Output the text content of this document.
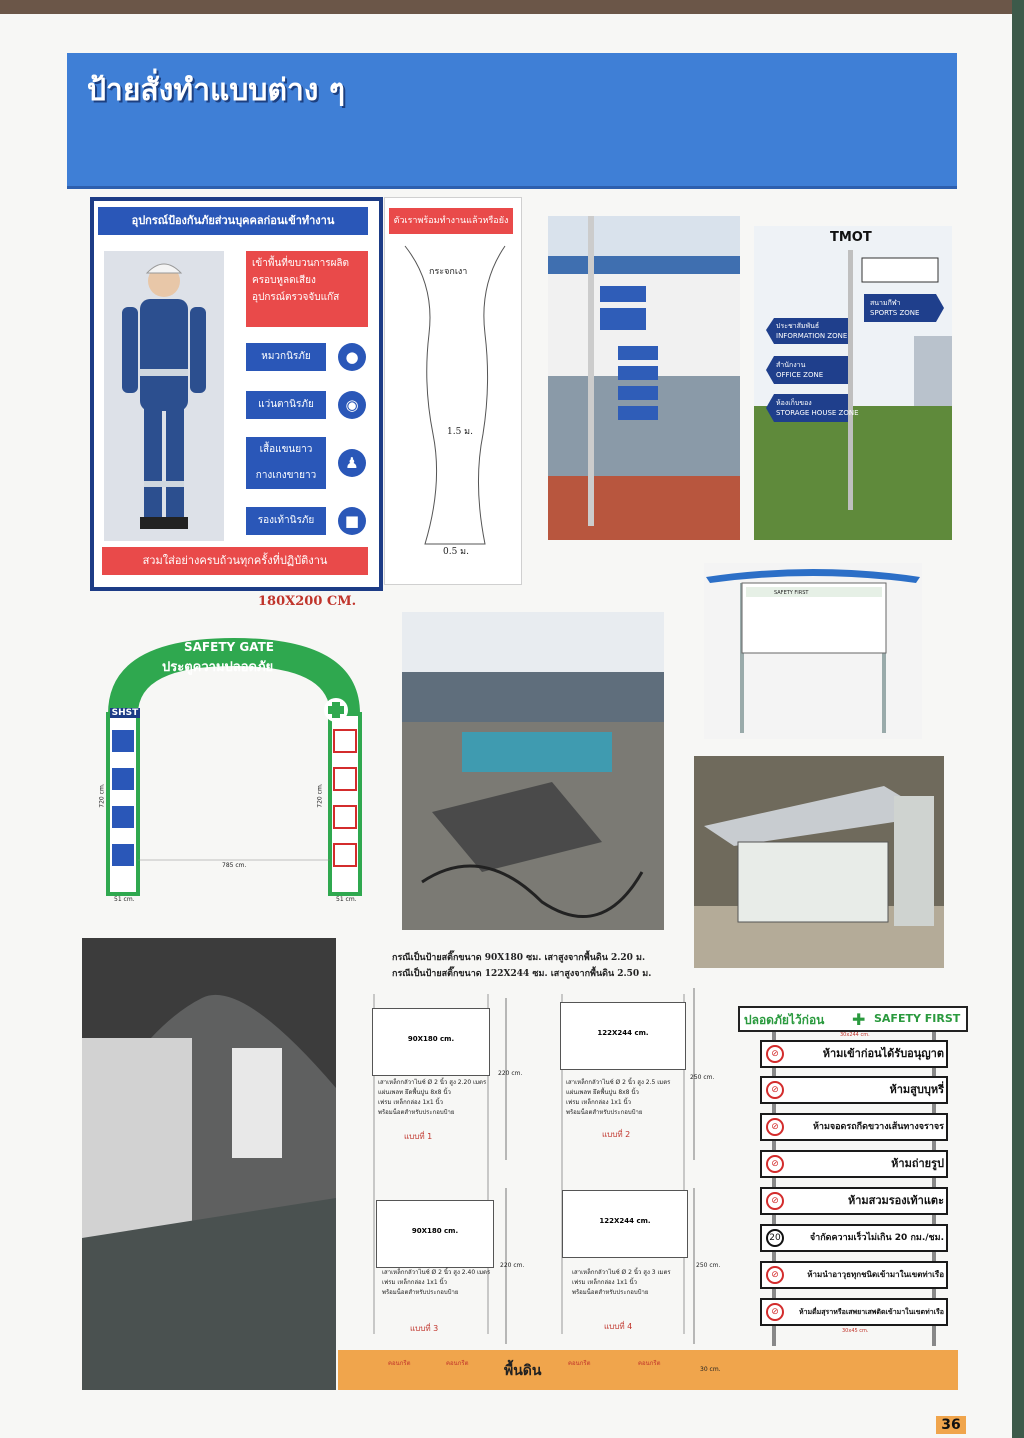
ป้ายสั่งทำแบบต่าง ๆ
อุปกรณ์ป้องกันภัยส่วนบุคคลก่อนเข้าทำงาน
เข้าพื้นที่ขบวนการผลิต
ครอบหูลดเสียง
อุปกรณ์ตรวจจับแก๊ส
หมวกนิรภัย	●
แว่นตานิรภัย	◉
เสื้อแขนยาว
กางเกงขายาว
♟
รองเท้านิรภัย	■
สวมใส่อย่างครบถ้วนทุกครั้งที่ปฏิบัติงาน
ตัวเราพร้อมทำงานแล้วหรือยัง
กระจกเงา
1.5 ม.
0.5 ม.
180X200 CM.
TMOT
สนามกีฬา
SPORTS ZONE
ประชาสัมพันธ์
INFORMATION ZONE
สำนักงาน
OFFICE ZONE
ห้องเก็บของ
STORAGE HOUSE ZONE
SAFETY GATE
ประตูความปลอดภัย
SHST
785 cm.
51 cm.	51 cm.
720 cm.	720 cm.
SAFETY FIRST
กรณีเป็นป้ายสติ๊กขนาด 90X180 ซม. เสาสูงจากพื้นดิน 2.20 ม.
กรณีเป็นป้ายสติ๊กขนาด 122X244 ซม. เสาสูงจากพื้นดิน 2.50 ม.
90X180 cm.
122X244 cm.
90X180 cm.
122X244 cm.
220 cm.
250 cm.
220 cm.	250 cm.
เสาเหล็กกลัวาไนซ์ Ø 2 นิ้ว สูง 2.20 เมตร
แผ่นเพลท ยึดพื้นปูน 8x8 นิ้ว
เฟรม เหล็กกล่อง 1x1 นิ้ว
พร้อมน็อตสำหรับประกอบป้าย
เสาเหล็กกลัวาไนซ์ Ø 2 นิ้ว สูง 2.5 เมตร
แผ่นเพลท ยึดพื้นปูน 8x8 นิ้ว
เฟรม เหล็กกล่อง 1x1 นิ้ว
พร้อมน็อตสำหรับประกอบป้าย
เสาเหล็กกลัวาไนซ์ Ø 2 นิ้ว สูง 2.40 เมตร
เฟรม เหล็กกล่อง 1x1 นิ้ว
พร้อมน็อตสำหรับประกอบป้าย
เสาเหล็กกลัวาไนซ์ Ø 2 นิ้ว สูง 3 เมตร
เฟรม เหล็กกล่อง 1x1 นิ้ว
พร้อมน็อตสำหรับประกอบป้าย
แบบที่ 1	แบบที่ 2
แบบที่ 3	แบบที่ 4
พื้นดิน	30 cm.
คอนกรีต	คอนกรีต	คอนกรีต	คอนกรีต
ปลอดภัยไว้ก่อน ✚ SAFETY FIRST
30x244 cm.
⊘	ห้ามเข้าก่อนได้รับอนุญาต
⊘	ห้ามสูบบุหรี่
⊘	ห้ามจอดรถกีดขวางเส้นทางจราจร
⊘	ห้ามถ่ายรูป
⊘	ห้ามสวมรองเท้าแตะ
20	จำกัดความเร็วไม่เกิน 20 กม./ชม.
⊘	ห้ามนำอาวุธทุกชนิดเข้ามาในเขตท่าเรือ
⊘	ห้ามดื่มสุราหรือเสพยาเสพติดเข้ามาในเขตท่าเรือ
30x45 cm.
36
